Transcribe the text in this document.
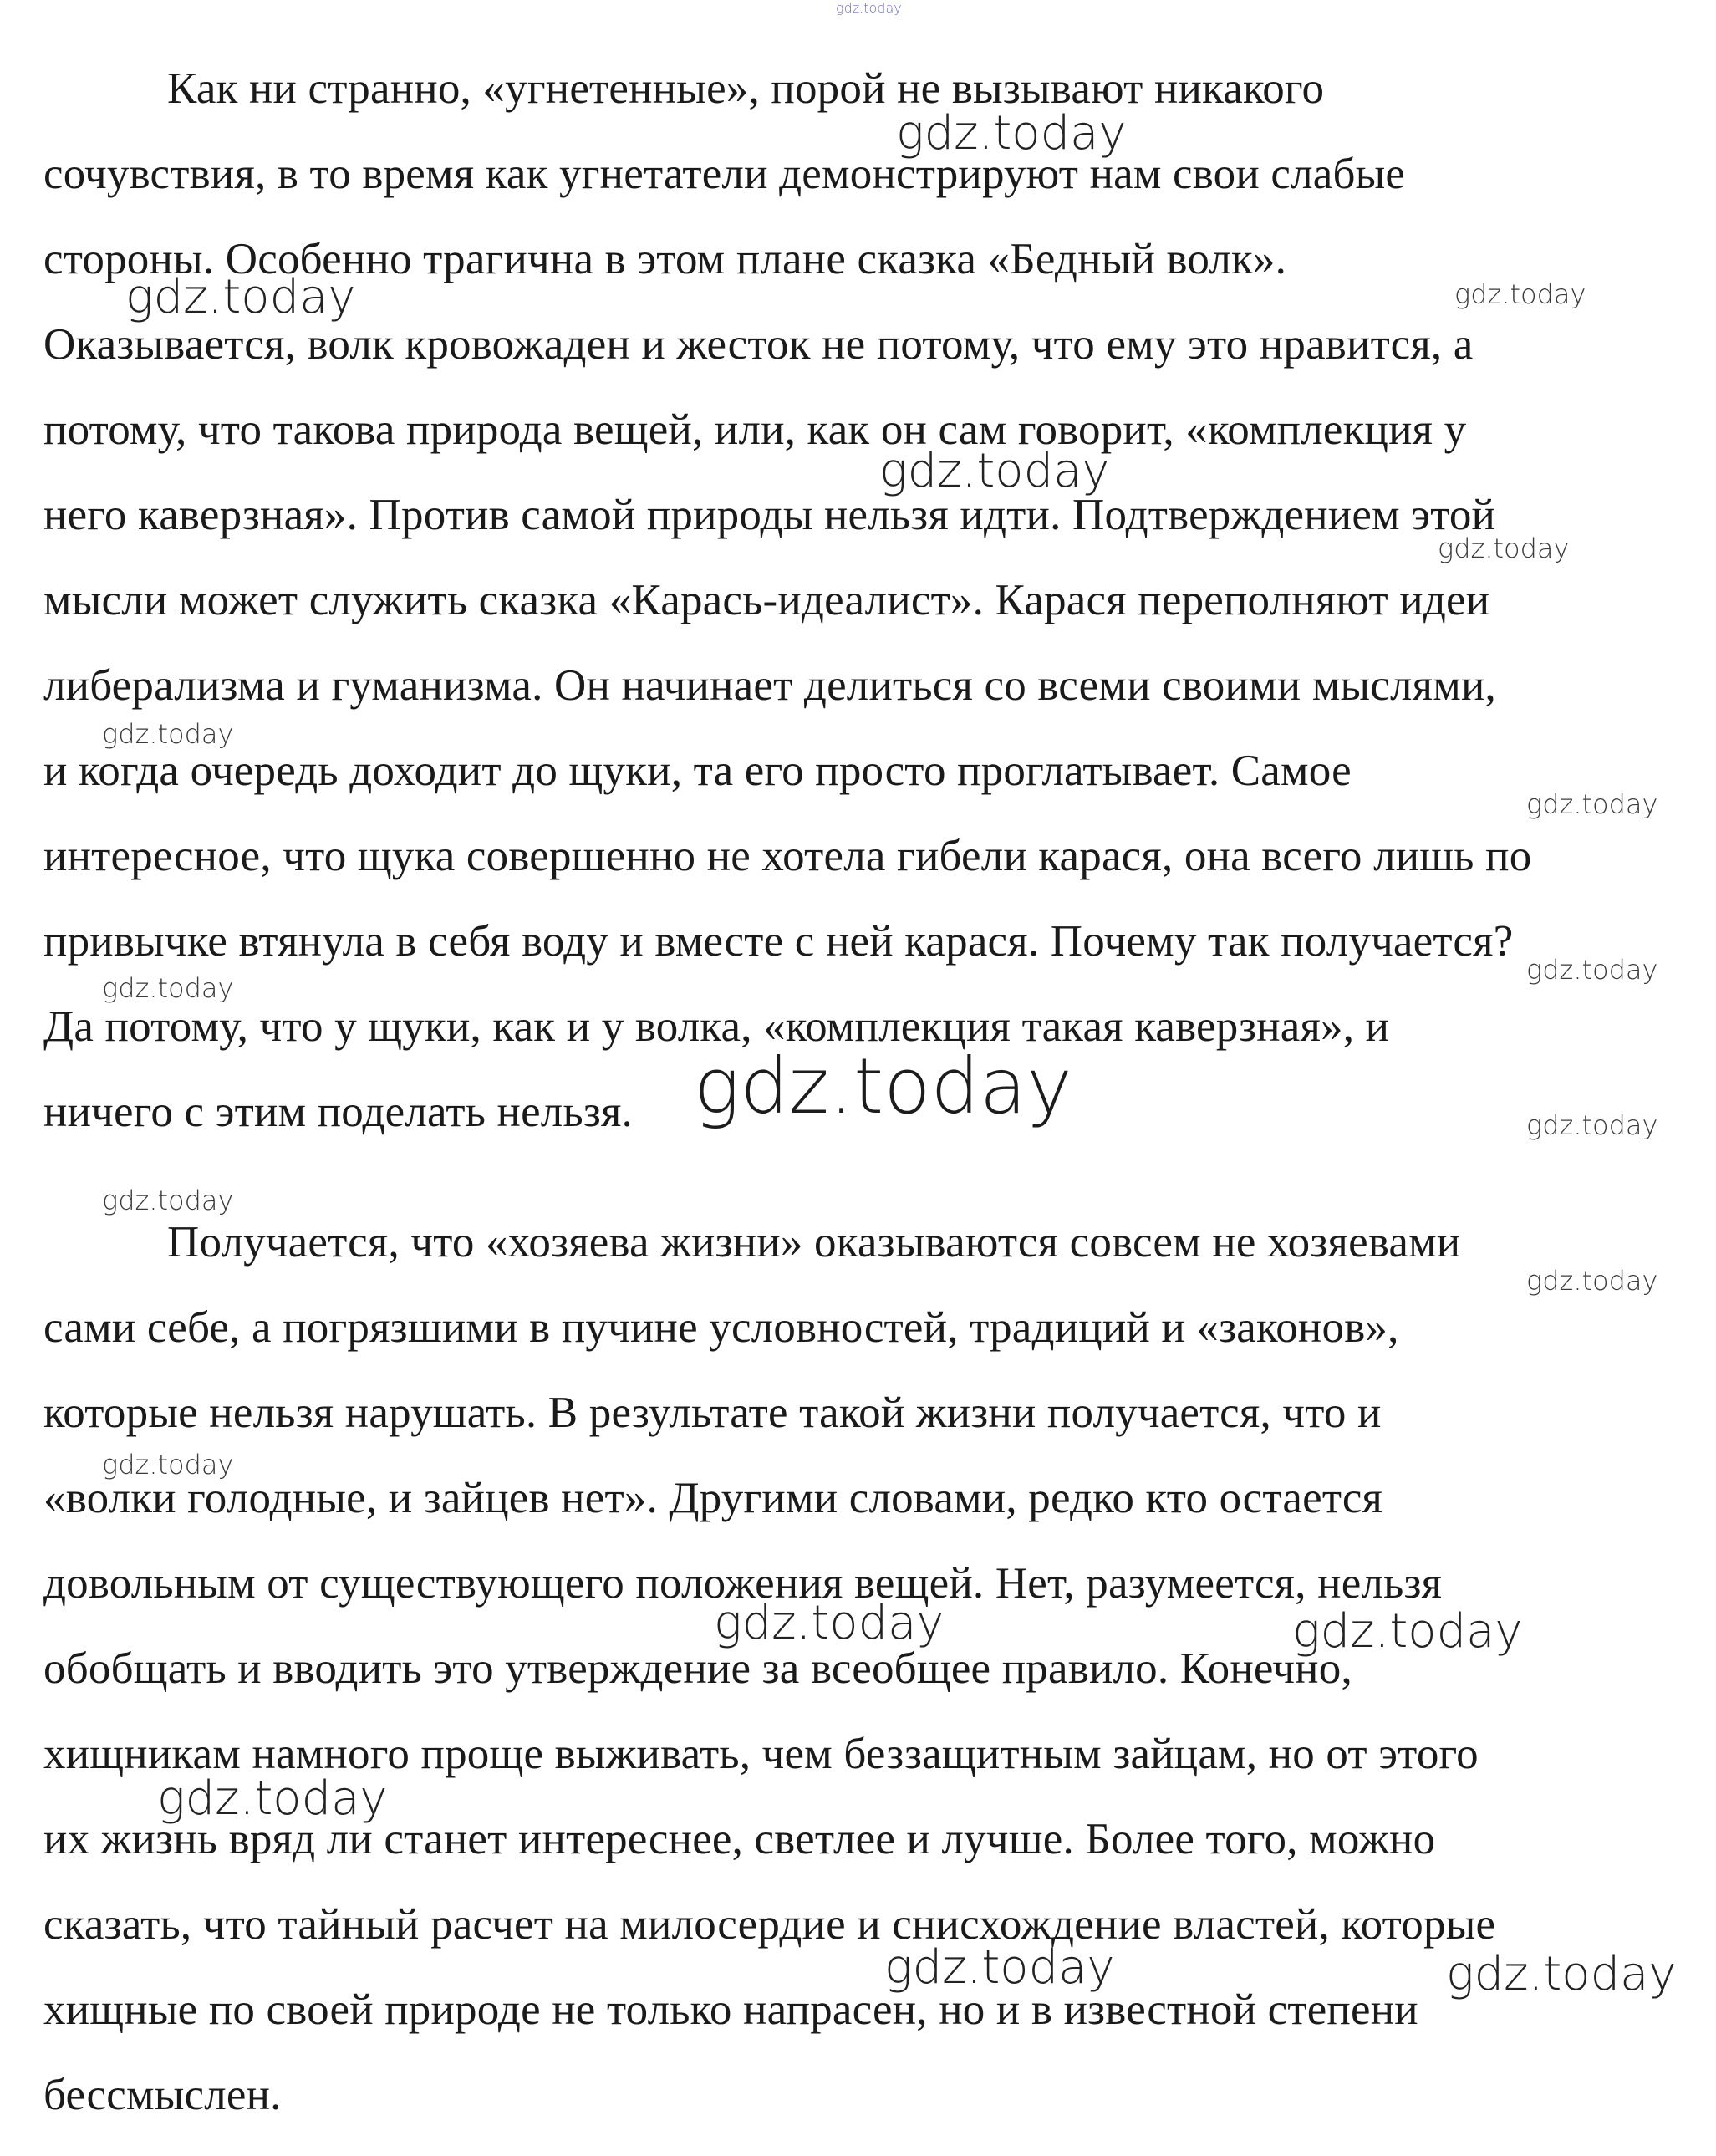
gdz.today
Как ни странно, «угнетенные», порой не вызывают никакого
сочувствия, в то время как угнетатели демонстрируют нам свои слабые
стороны. Особенно трагична в этом плане сказка «Бедный волк».
Оказывается, волк кровожаден и жесток не потому, что ему это нравится, а
потому, что такова природа вещей, или, как он сам говорит, «комплекция у
него каверзная». Против самой природы нельзя идти. Подтверждением этой
мысли может служить сказка «Карась-идеалист». Карася переполняют идеи
либерализма и гуманизма. Он начинает делиться со всеми своими мыслями,
и когда очередь доходит до щуки, та его просто проглатывает. Самое
интересное, что щука совершенно не хотела гибели карася, она всего лишь по
привычке втянула в себя воду и вместе с ней карася. Почему так получается?
Да потому, что у щуки, как и у волка, «комплекция такая каверзная», и
ничего с этим поделать нельзя.
Получается, что «хозяева жизни» оказываются совсем не хозяевами
сами себе, а погрязшими в пучине условностей, традиций и «законов»,
которые нельзя нарушать. В результате такой жизни получается, что и
«волки голодные, и зайцев нет». Другими словами, редко кто остается
довольным от существующего положения вещей. Нет, разумеется, нельзя
обобщать и вводить это утверждение за всеобщее правило. Конечно,
хищникам намного проще выживать, чем беззащитным зайцам, но от этого
их жизнь вряд ли станет интереснее, светлее и лучше. Более того, можно
сказать, что тайный расчет на милосердие и снисхождение властей, которые
хищные по своей природе не только напрасен, но и в известной степени
бессмыслен.
gdz.today
gdz.today	gdz.today
gdz.today
gdz.today
gdz.today
gdz.today
gdz.today
gdz.today
gdz.today	gdz.today
gdz.today
gdz.today
gdz.today
gdz.today	gdz.today
gdz.today
gdz.today	gdz.today
